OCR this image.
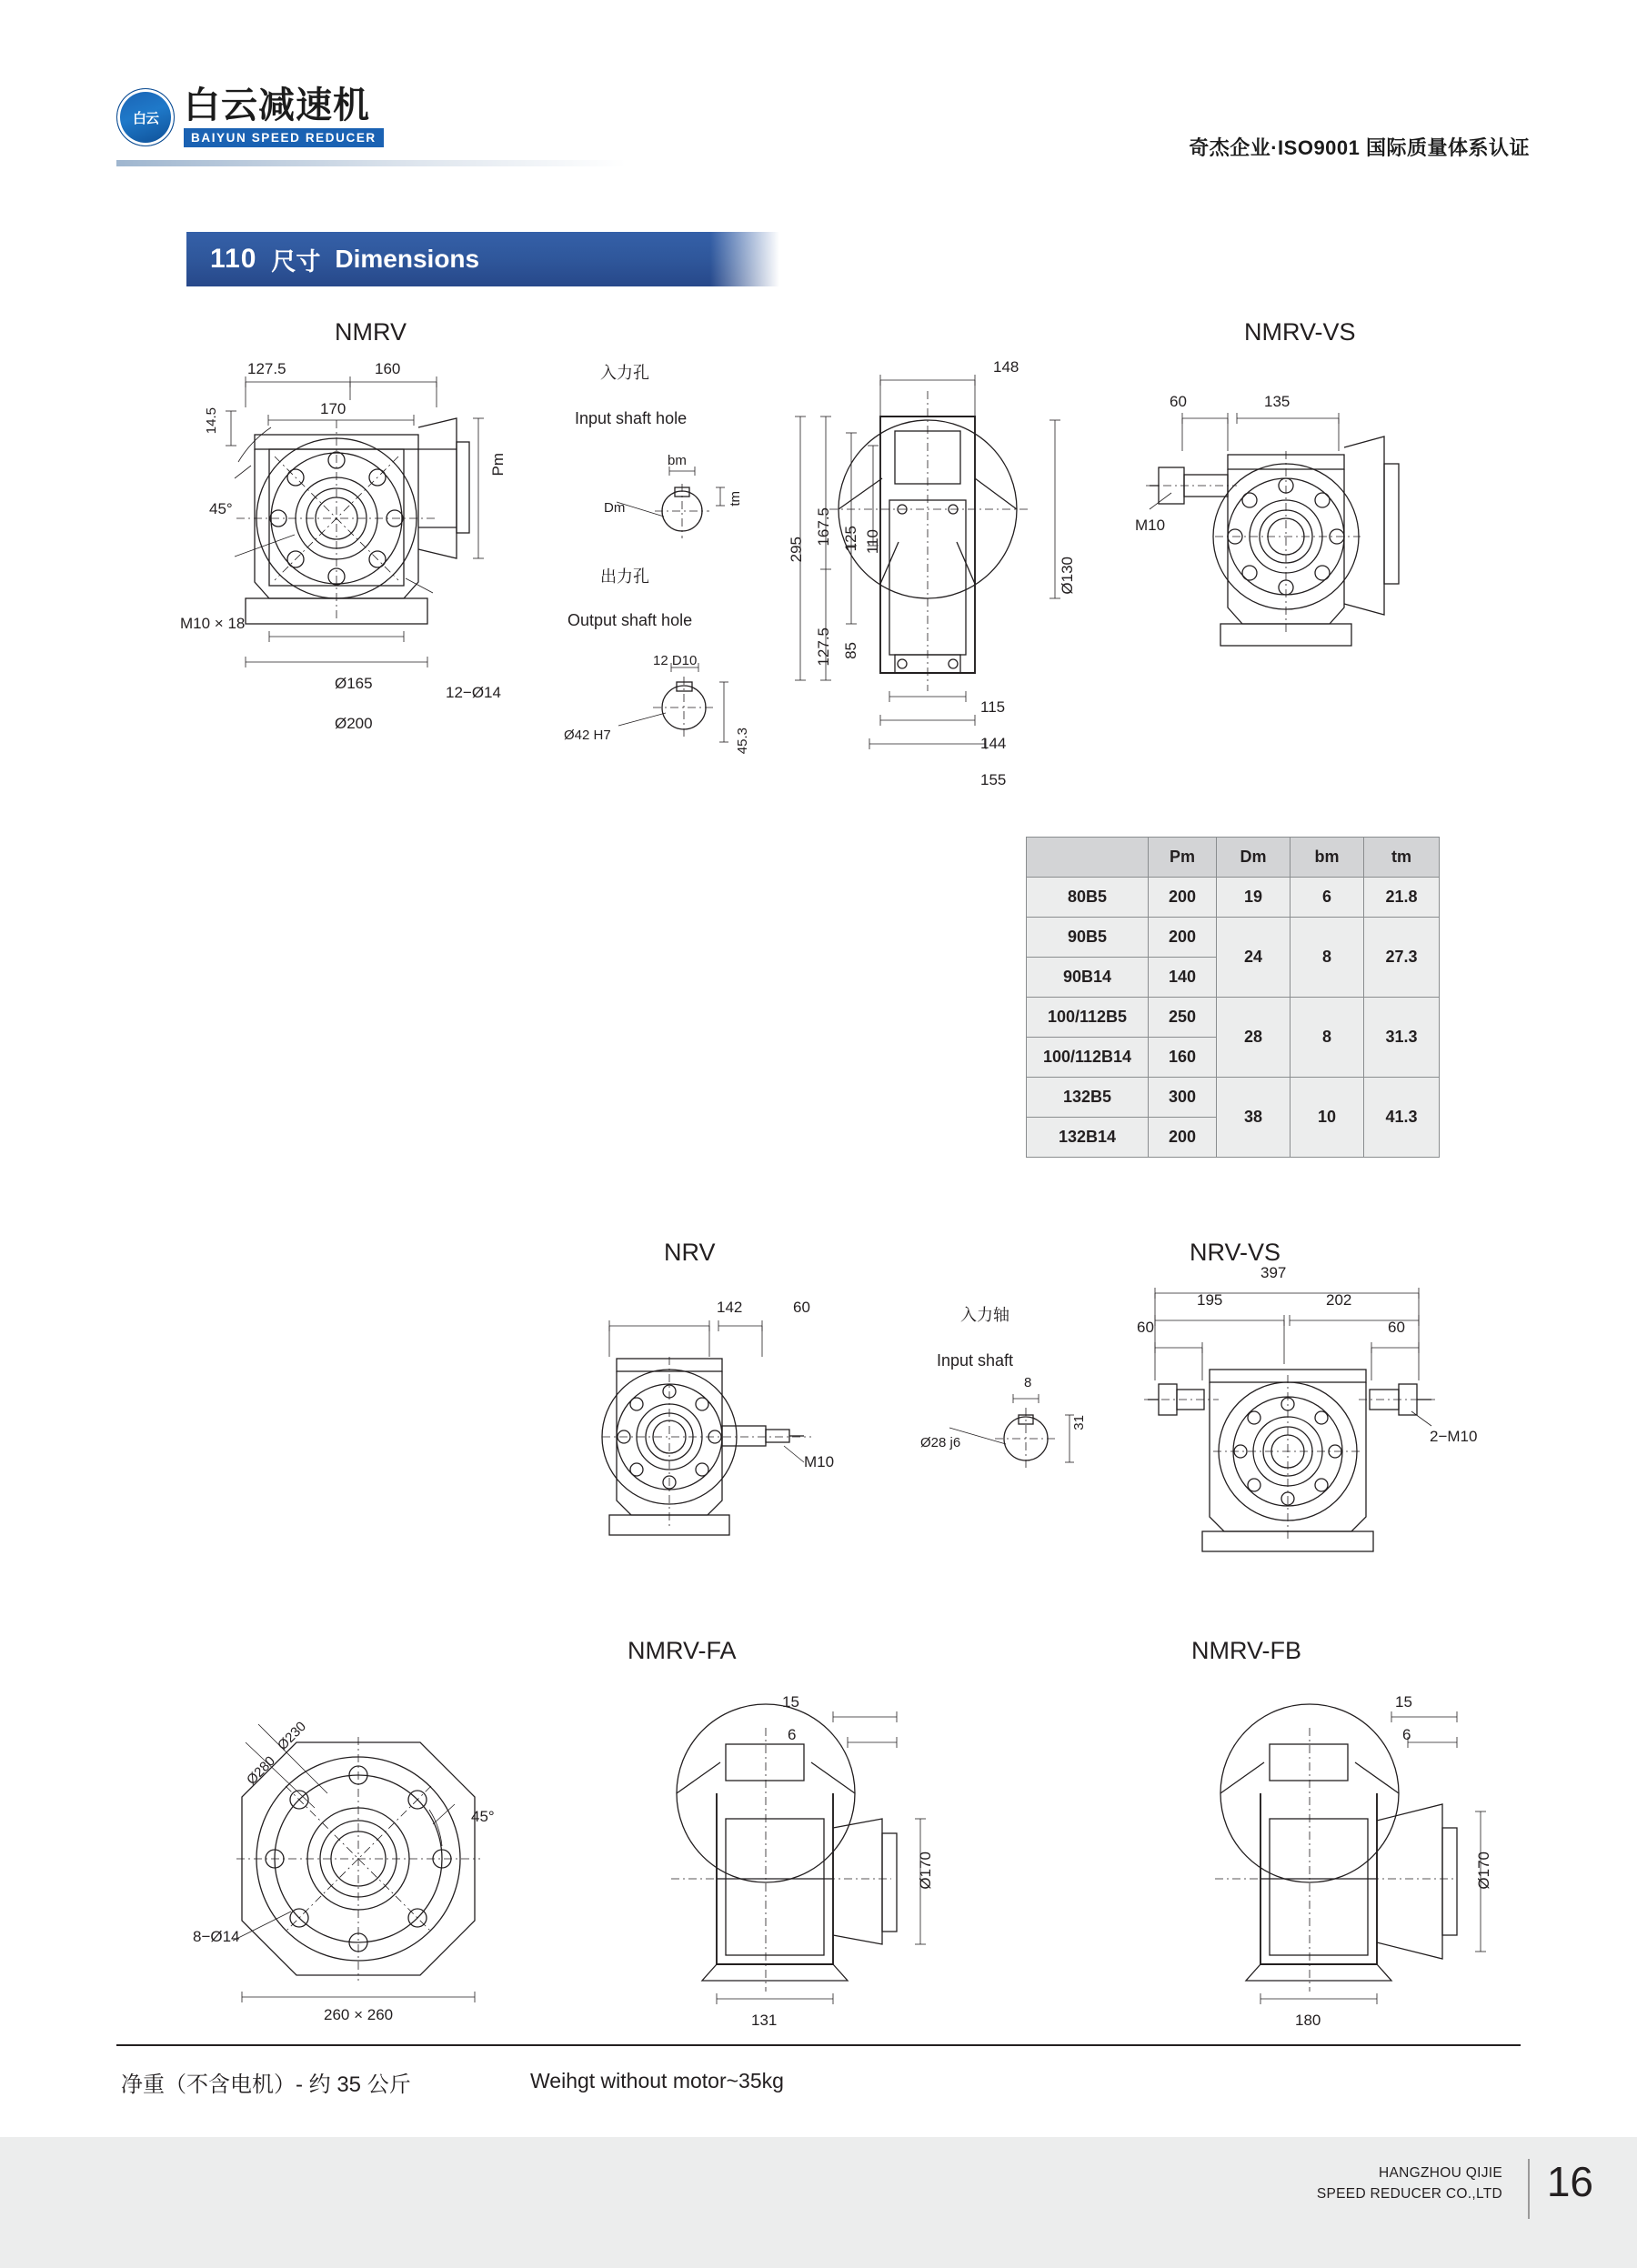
白云 白云减速机
BAIYUN SPEED REDUCER	奇杰企业·ISO9001 国际质量体系认证
110 尺寸 Dimensions
NMRV
127.5	160
170
14.5
Pm
45°
M10 × 18
Ø165
Ø200
12−Ø14
入力孔
Input shaft hole
bm
Dm
tm
出力孔
Output shaft hole
12 D10
Ø42 H7	45.3
148
295
167.5
127.5
125 110
85
Ø130
115
144
155
NMRV-VS
60	135
M10
	Pm	Dm	bm	tm
80B5	200	19	6	21.8
90B5	200	24	8	27.3
90B14	140			
100/112B5	250	28	8	31.3
100/112B14	160			
132B5	300	38	10	41.3
132B14	200			
NRV
142	60
M10
入力轴
Input shaft
8
Ø28 j6
31
NRV-VS
397
195	202
60	60
2−M10
NMRV-FA	NMRV-FB
Ø230
Ø280
45°
8−Ø14
260 × 260
15
6
Ø170
131
15
6
Ø170
180
净重（不含电机）- 约 35 公斤	Weihgt without motor~35kg
HANGZHOU QIJIE
SPEED REDUCER CO.,LTD 16
